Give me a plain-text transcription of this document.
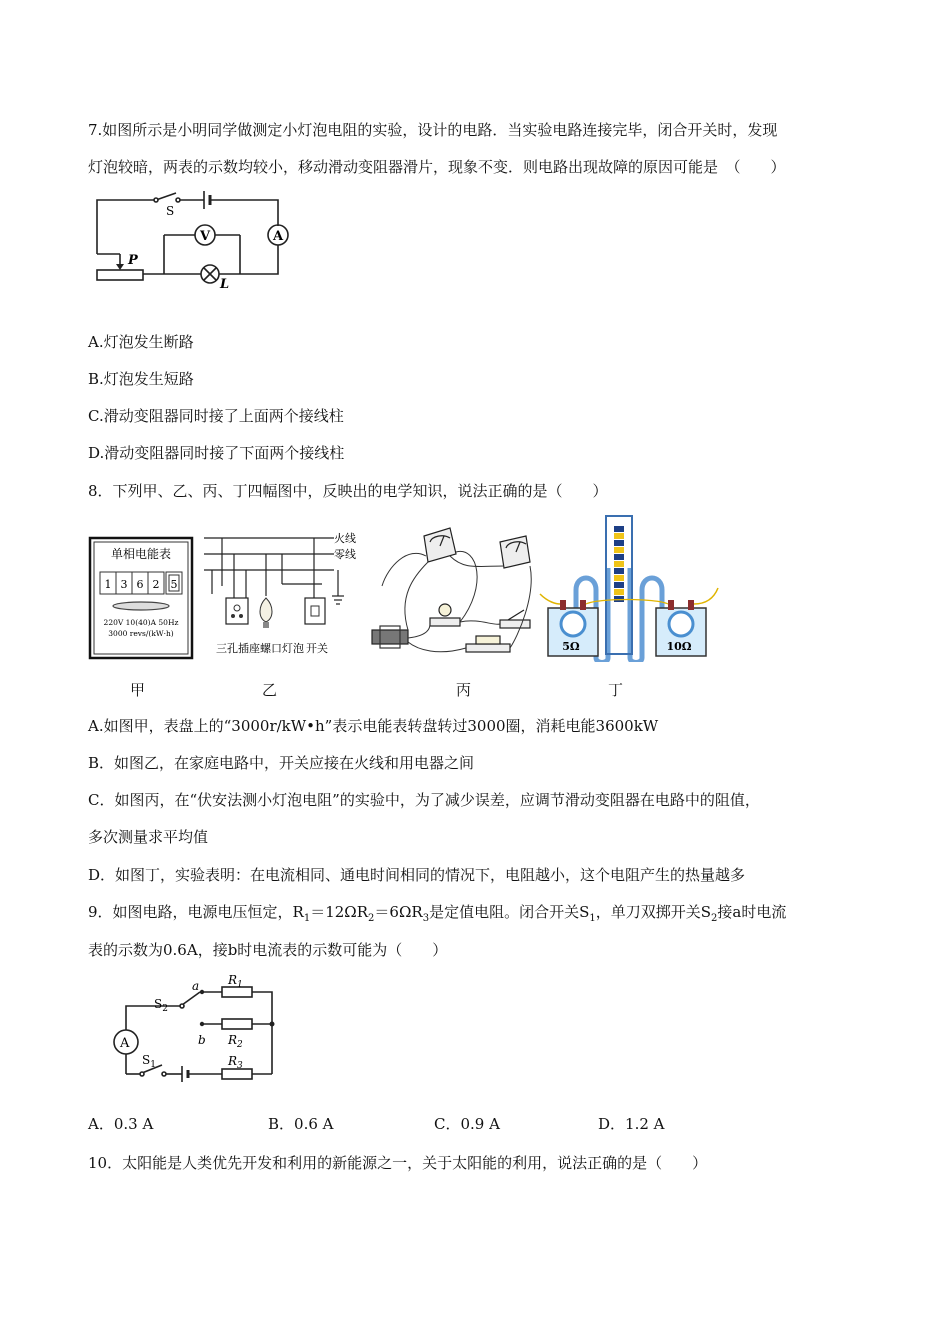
7.如图所示是小明同学做测定小灯泡电阻的实验，设计的电路．当实验电路连接完毕，闭合开关时，发现
灯泡较暗，两表的示数均较小，移动滑动变阻器滑片，现象不变．则电路出现故障的原因可能是　（　　）
S
V	A
P
L
A.灯泡发生断路
B.灯泡发生短路
C.滑动变阻器同时接了上面两个接线柱
D.滑动变阻器同时接了下面两个接线柱
8．下列甲、乙、丙、丁四幅图中，反映出的电学知识，说法正确的是（　　）
单相电能表
1 3 6 2 5
220V 10(40)A 50Hz
3000 revs/(kW·h)
火线
零线
三孔插座 螺口灯泡 开关	5Ω	10Ω
甲	乙	丙	丁
A.如图甲，表盘上的“3000r/kW•h”表示电能表转盘转过3000圈，消耗电能3600kW
B．如图乙，在家庭电路中，开关应接在火线和用电器之间
C．如图丙，在“伏安法测小灯泡电阻”的实验中，为了减少误差，应调节滑动变阻器在电路中的阻值，
多次测量求平均值
D．如图丁，实验表明：在电流相同、通电时间相同的情况下，电阻越小，这个电阻产生的热量越多
9．如图电路，电源电压恒定，$R_1=12\Omega R_2=6\Omega R_3$是定值电阻。闭合开关$S_1$，单刀双掷开关$S_2$接a时电流
表的示数为0.6A，接b时电流表的示数可能为（　　）
A
$S_2$
a
b
$R_1$
$R_2$
$R_3$
$S_1$
A．0.3 A	B．0.6 A	C．0.9 A	D．1.2 A
10．太阳能是人类优先开发和利用的新能源之一，关于太阳能的利用，说法正确的是（　　）
